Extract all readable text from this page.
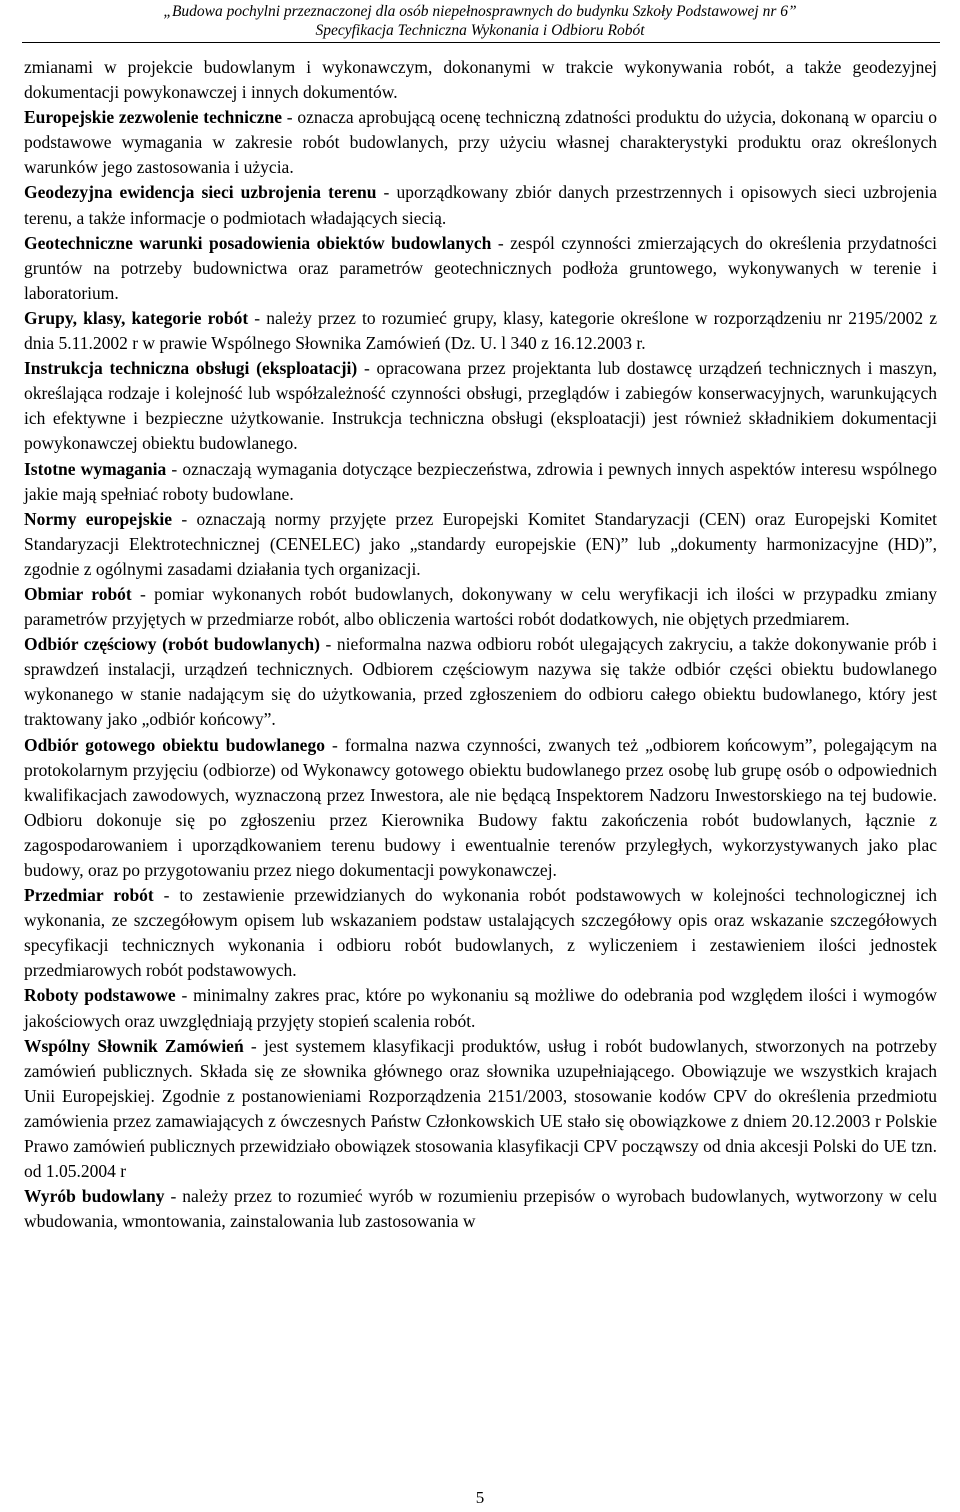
„Budowa pochylni przeznaczonej dla osób niepełnosprawnych do budynku Szkoły Podstawowej nr 6”
Specyfikacja Techniczna Wykonania i Odbioru Robót

zmianami w projekcie budowlanym i wykonawczym, dokonanymi w trakcie wykonywania robót, a także geodezyjnej dokumentacji powykonawczej i innych dokumentów.

Europejskie zezwolenie techniczne - oznacza aprobującą ocenę techniczną zdatności produktu do użycia, dokonaną w oparciu o podstawowe wymagania w zakresie robót budowlanych, przy użyciu własnej charakterystyki produktu oraz określonych warunków jego zastosowania i użycia.

Geodezyjna ewidencja sieci uzbrojenia terenu - uporządkowany zbiór danych przestrzennych i opisowych sieci uzbrojenia terenu, a także informacje o podmiotach władających siecią.

Geotechniczne warunki posadowienia obiektów budowlanych - zespól czynności zmierzających do określenia przydatności gruntów na potrzeby budownictwa oraz parametrów geotechnicznych podłoża gruntowego, wykonywanych w terenie i laboratorium.

Grupy, klasy, kategorie robót - należy przez to rozumieć grupy, klasy, kategorie określone w rozporządzeniu nr 2195/2002 z dnia 5.11.2002 r w prawie Wspólnego Słownika Zamówień (Dz. U. l 340 z 16.12.2003 r.

Instrukcja techniczna obsługi (eksploatacji) - opracowana przez projektanta lub dostawcę urządzeń technicznych i maszyn, określająca rodzaje i kolejność lub współzależność czynności obsługi, przeglądów i zabiegów konserwacyjnych, warunkujących ich efektywne i bezpieczne użytkowanie. Instrukcja techniczna obsługi (eksploatacji) jest również składnikiem dokumentacji powykonawczej obiektu budowlanego.

Istotne wymagania - oznaczają wymagania dotyczące bezpieczeństwa, zdrowia i pewnych innych aspektów interesu wspólnego jakie mają spełniać roboty budowlane.

Normy europejskie - oznaczają normy przyjęte przez Europejski Komitet Standaryzacji (CEN) oraz Europejski Komitet Standaryzacji Elektrotechnicznej (CENELEC) jako „standardy europejskie (EN)” lub „dokumenty harmonizacyjne (HD)”, zgodnie z ogólnymi zasadami działania tych organizacji.

Obmiar robót - pomiar wykonanych robót budowlanych, dokonywany w celu weryfikacji ich ilości w przypadku zmiany parametrów przyjętych w przedmiarze robót, albo obliczenia wartości robót dodatkowych, nie objętych przedmiarem.

Odbiór częściowy (robót budowlanych) - nieformalna nazwa odbioru robót ulegających zakryciu, a także dokonywanie prób i sprawdzeń instalacji, urządzeń technicznych. Odbiorem częściowym nazywa się także odbiór części obiektu budowlanego wykonanego w stanie nadającym się do użytkowania, przed zgłoszeniem do odbioru całego obiektu budowlanego, który jest traktowany jako „odbiór końcowy”.

Odbiór gotowego obiektu budowlanego - formalna nazwa czynności, zwanych też „odbiorem końcowym”, polegającym na protokolarnym przyjęciu (odbiorze) od Wykonawcy gotowego obiektu budowlanego przez osobę lub grupę osób o odpowiednich kwalifikacjach zawodowych, wyznaczoną przez Inwestora, ale nie będącą Inspektorem Nadzoru Inwestorskiego na tej budowie. Odbioru dokonuje się po zgłoszeniu przez Kierownika Budowy faktu zakończenia robót budowlanych, łącznie z zagospodarowaniem i uporządkowaniem terenu budowy i ewentualnie terenów przyległych, wykorzystywanych jako plac budowy, oraz po przygotowaniu przez niego dokumentacji powykonawczej.

Przedmiar robót - to zestawienie przewidzianych do wykonania robót podstawowych w kolejności technologicznej ich wykonania, ze szczegółowym opisem lub wskazaniem podstaw ustalających szczegółowy opis oraz wskazanie szczegółowych specyfikacji technicznych wykonania i odbioru robót budowlanych, z wyliczeniem i zestawieniem ilości jednostek przedmiarowych robót podstawowych.

Roboty podstawowe - minimalny zakres prac, które po wykonaniu są możliwe do odebrania pod względem ilości i wymogów jakościowych oraz uwzględniają przyjęty stopień scalenia robót.

Wspólny Słownik Zamówień - jest systemem klasyfikacji produktów, usług i robót budowlanych, stworzonych na potrzeby zamówień publicznych. Składa się ze słownika głównego oraz słownika uzupełniającego. Obowiązuje we wszystkich krajach Unii Europejskiej. Zgodnie z postanowieniami Rozporządzenia 2151/2003, stosowanie kodów CPV do określenia przedmiotu zamówienia przez zamawiających z ówczesnych Państw Członkowskich UE stało się obowiązkowe z dniem 20.12.2003 r Polskie Prawo zamówień publicznych przewidziało obowiązek stosowania klasyfikacji CPV począwszy od dnia akcesji Polski do UE tzn. od 1.05.2004 r

Wyrób budowlany - należy przez to rozumieć wyrób w rozumieniu przepisów o wyrobach budowlanych, wytworzony w celu wbudowania, wmontowania, zainstalowania lub zastosowania w

5
